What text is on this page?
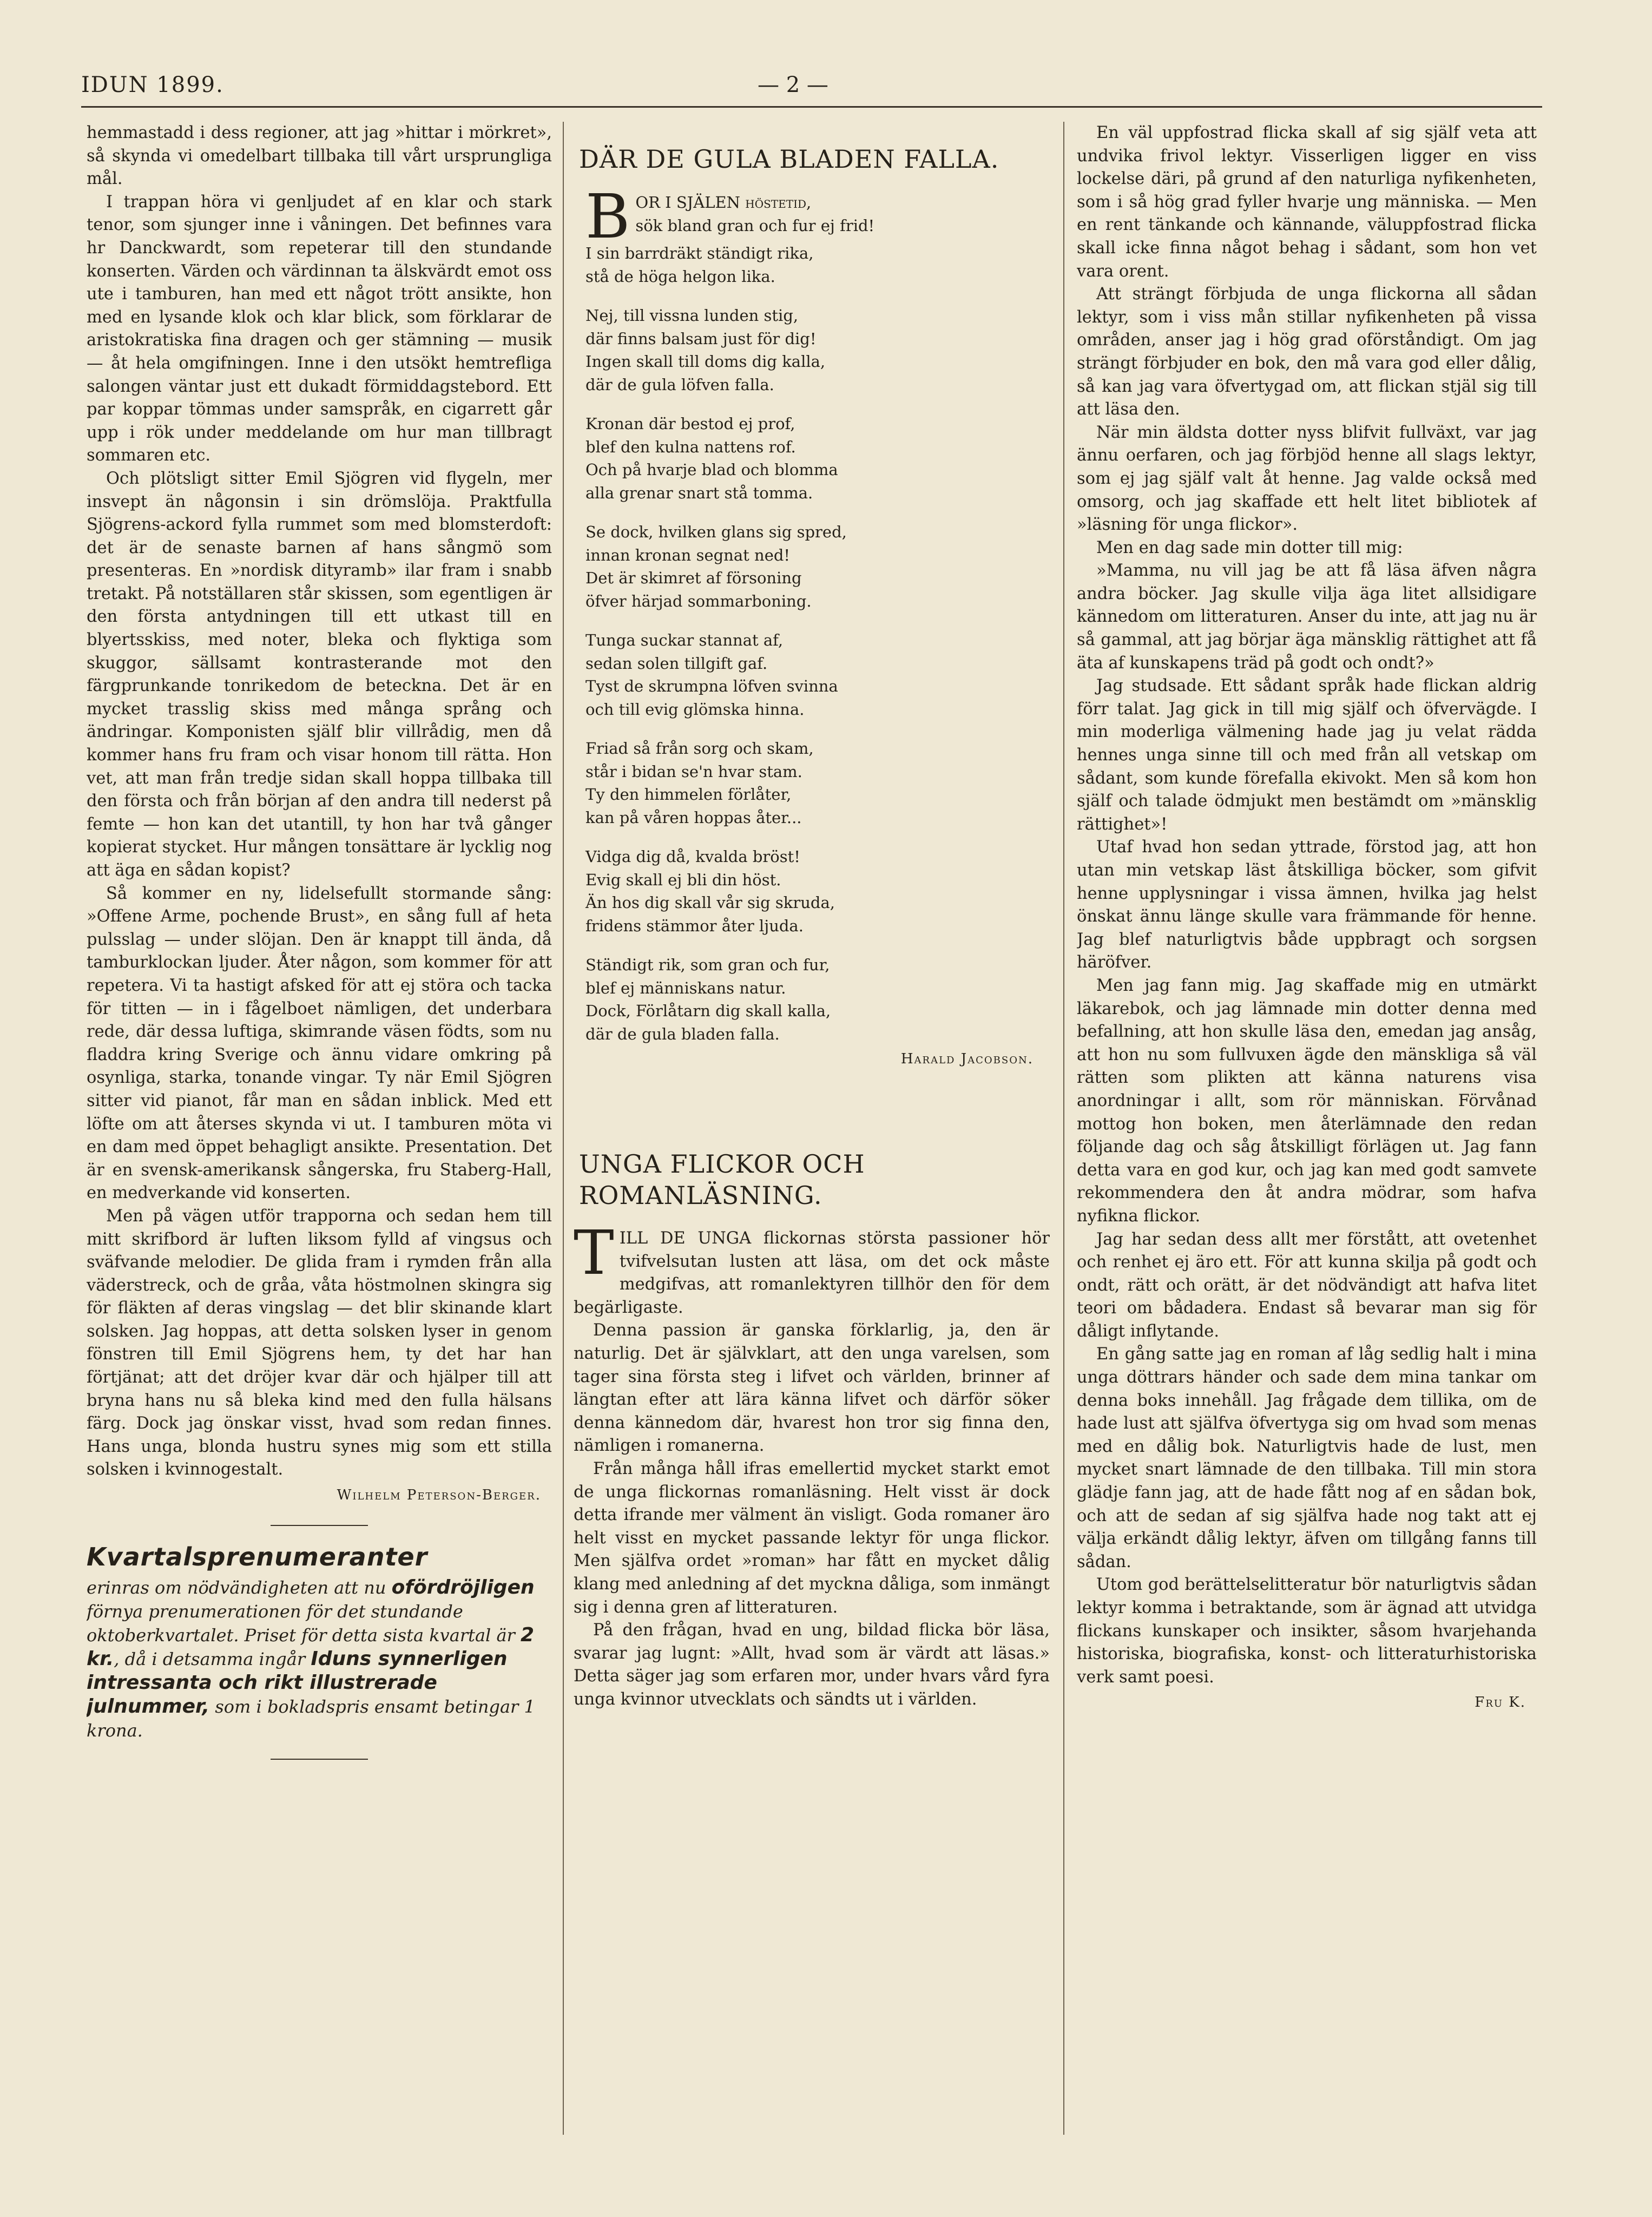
IDUN 1899.	— 2 —

hemmastadd i dess regioner, att jag »hittar i mörkret», så skynda vi omedelbart tillbaka till vårt ursprungliga mål.

I trappan höra vi genljudet af en klar och stark tenor, som sjunger inne i våningen. Det befinnes vara hr Danckwardt, som repeterar till den stundande konserten. Värden och värdinnan ta älskvärdt emot oss ute i tamburen, han med ett något trött ansikte, hon med en lysande klok och klar blick, som förklarar de aristokratiska fina dragen och ger stämning — musik — åt hela omgifningen. Inne i den utsökt hemtrefliga salongen väntar just ett dukadt förmiddagstebord. Ett par koppar tömmas under samspråk, en cigarrett går upp i rök under meddelande om hur man tillbragt sommaren etc.

Och plötsligt sitter Emil Sjögren vid flygeln, mer insvept än någonsin i sin drömslöja. Praktfulla Sjögrens-ackord fylla rummet som med blomsterdoft: det är de senaste barnen af hans sångmö som presenteras. En »nordisk dityramb» ilar fram i snabb tretakt. På notställaren står skissen, som egentligen är den första antydningen till ett utkast till en blyertsskiss, med noter, bleka och flyktiga som skuggor, sällsamt kontrasterande mot den färgprunkande tonrikedom de beteckna. Det är en mycket trasslig skiss med många språng och ändringar. Komponisten själf blir villrådig, men då kommer hans fru fram och visar honom till rätta. Hon vet, att man från tredje sidan skall hoppa tillbaka till den första och från början af den andra till nederst på femte — hon kan det utantill, ty hon har två gånger kopierat stycket. Hur mången tonsättare är lycklig nog att äga en sådan kopist?

Så kommer en ny, lidelsefullt stormande sång: »Offene Arme, pochende Brust», en sång full af heta pulsslag — under slöjan. Den är knappt till ända, då tamburklockan ljuder. Åter någon, som kommer för att repetera. Vi ta hastigt afsked för att ej störa och tacka för titten — in i fågelboet nämligen, det underbara rede, där dessa luftiga, skimrande väsen födts, som nu fladdra kring Sverige och ännu vidare omkring på osynliga, starka, tonande vingar. Ty när Emil Sjögren sitter vid pianot, får man en sådan inblick. Med ett löfte om att återses skynda vi ut. I tamburen möta vi en dam med öppet behagligt ansikte. Presentation. Det är en svensk-amerikansk sångerska, fru Staberg-Hall, en medverkande vid konserten.

Men på vägen utför trapporna och sedan hem till mitt skrifbord är luften liksom fylld af vingsus och sväfvande melodier. De glida fram i rymden från alla väderstreck, och de gråa, våta höstmolnen skingra sig för fläkten af deras vingslag — det blir skinande klart solsken. Jag hoppas, att detta solsken lyser in genom fönstren till Emil Sjögrens hem, ty det har han förtjänat; att det dröjer kvar där och hjälper till att bryna hans nu så bleka kind med den fulla hälsans färg. Dock jag önskar visst, hvad som redan finnes. Hans unga, blonda hustru synes mig som ett stilla solsken i kvinnogestalt.

Wilhelm Peterson-Berger.
Kvartalsprenumeranter
erinras om nödvändigheten att nu ofördröjligen förnya prenumerationen för det stundande oktoberkvartalet. Priset för detta sista kvartal är 2 kr., då i detsamma ingår Iduns synnerligen intressanta och rikt illustrerade julnummer, som i bokladspris ensamt betingar 1 krona.
DÄR DE GULA BLADEN FALLA.
B OR I SJÄLEN höstetid,
sök bland gran och fur ej frid!
I sin barrdräkt ständigt rika,
stå de höga helgon lika.
Nej, till vissna lunden stig,
där finns balsam just för dig!
Ingen skall till doms dig kalla,
där de gula löfven falla.
Kronan där bestod ej prof,
blef den kulna nattens rof.
Och på hvarje blad och blomma
alla grenar snart stå tomma.
Se dock, hvilken glans sig spred,
innan kronan segnat ned!
Det är skimret af försoning
öfver härjad sommarboning.
Tunga suckar stannat af,
sedan solen tillgift gaf.
Tyst de skrumpna löfven svinna
och till evig glömska hinna.
Friad så från sorg och skam,
står i bidan se'n hvar stam.
Ty den himmelen förlåter,
kan på våren hoppas åter...
Vidga dig då, kvalda bröst!
Evig skall ej bli din höst.
Än hos dig skall vår sig skruda,
fridens stämmor åter ljuda.
Ständigt rik, som gran och fur,
blef ej människans natur.
Dock, Förlåtarn dig skall kalla,
där de gula bladen falla.
Harald Jacobson.
UNGA FLICKOR OCH ROMANLÄSNING.
T ILL DE UNGA flickornas största passioner hör tvifvelsutan lusten att läsa, om det ock måste medgifvas, att romanlektyren tillhör den för dem begärligaste.

Denna passion är ganska förklarlig, ja, den är naturlig. Det är självklart, att den unga varelsen, som tager sina första steg i lifvet och världen, brinner af längtan efter att lära känna lifvet och därför söker denna kännedom där, hvarest hon tror sig finna den, nämligen i romanerna.

Från många håll ifras emellertid mycket starkt emot de unga flickornas romanläsning. Helt visst är dock detta ifrande mer välment än visligt. Goda romaner äro helt visst en mycket passande lektyr för unga flickor. Men själfva ordet »roman» har fått en mycket dålig klang med anledning af det myckna dåliga, som inmängt sig i denna gren af litteraturen.

På den frågan, hvad en ung, bildad flicka bör läsa, svarar jag lugnt: »Allt, hvad som är värdt att läsas.» Detta säger jag som erfaren mor, under hvars vård fyra unga kvinnor utvecklats och sändts ut i världen.

En väl uppfostrad flicka skall af sig själf veta att undvika frivol lektyr. Visserligen ligger en viss lockelse däri, på grund af den naturliga nyfikenheten, som i så hög grad fyller hvarje ung människa. — Men en rent tänkande och kännande, väluppfostrad flicka skall icke finna något behag i sådant, som hon vet vara orent.

Att strängt förbjuda de unga flickorna all sådan lektyr, som i viss mån stillar nyfikenheten på vissa områden, anser jag i hög grad oförståndigt. Om jag strängt förbjuder en bok, den må vara god eller dålig, så kan jag vara öfvertygad om, att flickan stjäl sig till att läsa den.

När min äldsta dotter nyss blifvit fullväxt, var jag ännu oerfaren, och jag förbjöd henne all slags lektyr, som ej jag själf valt åt henne. Jag valde också med omsorg, och jag skaffade ett helt litet bibliotek af »läsning för unga flickor».

Men en dag sade min dotter till mig:

»Mamma, nu vill jag be att få läsa äfven några andra böcker. Jag skulle vilja äga litet allsidigare kännedom om litteraturen. Anser du inte, att jag nu är så gammal, att jag börjar äga mänsklig rättighet att få äta af kunskapens träd på godt och ondt?»

Jag studsade. Ett sådant språk hade flickan aldrig förr talat. Jag gick in till mig själf och öfvervägde. I min moderliga välmening hade jag ju velat rädda hennes unga sinne till och med från all vetskap om sådant, som kunde förefalla ekivokt. Men så kom hon själf och talade ödmjukt men bestämdt om »mänsklig rättighet»!

Utaf hvad hon sedan yttrade, förstod jag, att hon utan min vetskap läst åtskilliga böcker, som gifvit henne upplysningar i vissa ämnen, hvilka jag helst önskat ännu länge skulle vara främmande för henne. Jag blef naturligtvis både uppbragt och sorgsen häröfver.

Men jag fann mig. Jag skaffade mig en utmärkt läkarebok, och jag lämnade min dotter denna med befallning, att hon skulle läsa den, emedan jag ansåg, att hon nu som fullvuxen ägde den mänskliga så väl rätten som plikten att känna naturens visa anordningar i allt, som rör människan. Förvånad mottog hon boken, men återlämnade den redan följande dag och såg åtskilligt förlägen ut. Jag fann detta vara en god kur, och jag kan med godt samvete rekommendera den åt andra mödrar, som hafva nyfikna flickor.

Jag har sedan dess allt mer förstått, att ovetenhet och renhet ej äro ett. För att kunna skilja på godt och ondt, rätt och orätt, är det nödvändigt att hafva litet teori om bådadera. Endast så bevarar man sig för dåligt inflytande.

En gång satte jag en roman af låg sedlig halt i mina unga döttrars händer och sade dem mina tankar om denna boks innehåll. Jag frågade dem tillika, om de hade lust att själfva öfvertyga sig om hvad som menas med en dålig bok. Naturligtvis hade de lust, men mycket snart lämnade de den tillbaka. Till min stora glädje fann jag, att de hade fått nog af en sådan bok, och att de sedan af sig själfva hade nog takt att ej välja erkändt dålig lektyr, äfven om tillgång fanns till sådan.

Utom god berättelselitteratur bör naturligtvis sådan lektyr komma i betraktande, som är ägnad att utvidga flickans kunskaper och insikter, såsom hvarjehanda historiska, biografiska, konst- och litteraturhistoriska verk samt poesi.

Fru K.
